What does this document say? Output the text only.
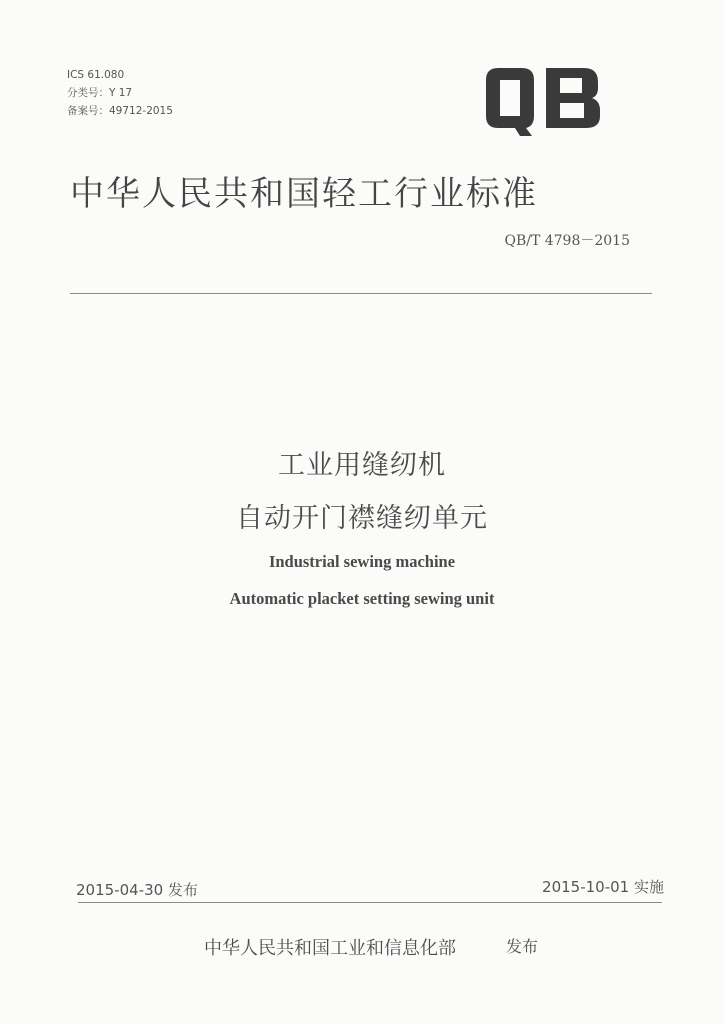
ICS 61.080
分类号：Y 17
备案号：49712-2015
中华人民共和国轻工行业标准
QB/T 4798－2015
工业用缝纫机
自动开门襟缝纫单元
Industrial sewing machine
Automatic placket setting sewing unit
2015-04-30 发布	2015-10-01 实施
中华人民共和国工业和信息化部	发布
